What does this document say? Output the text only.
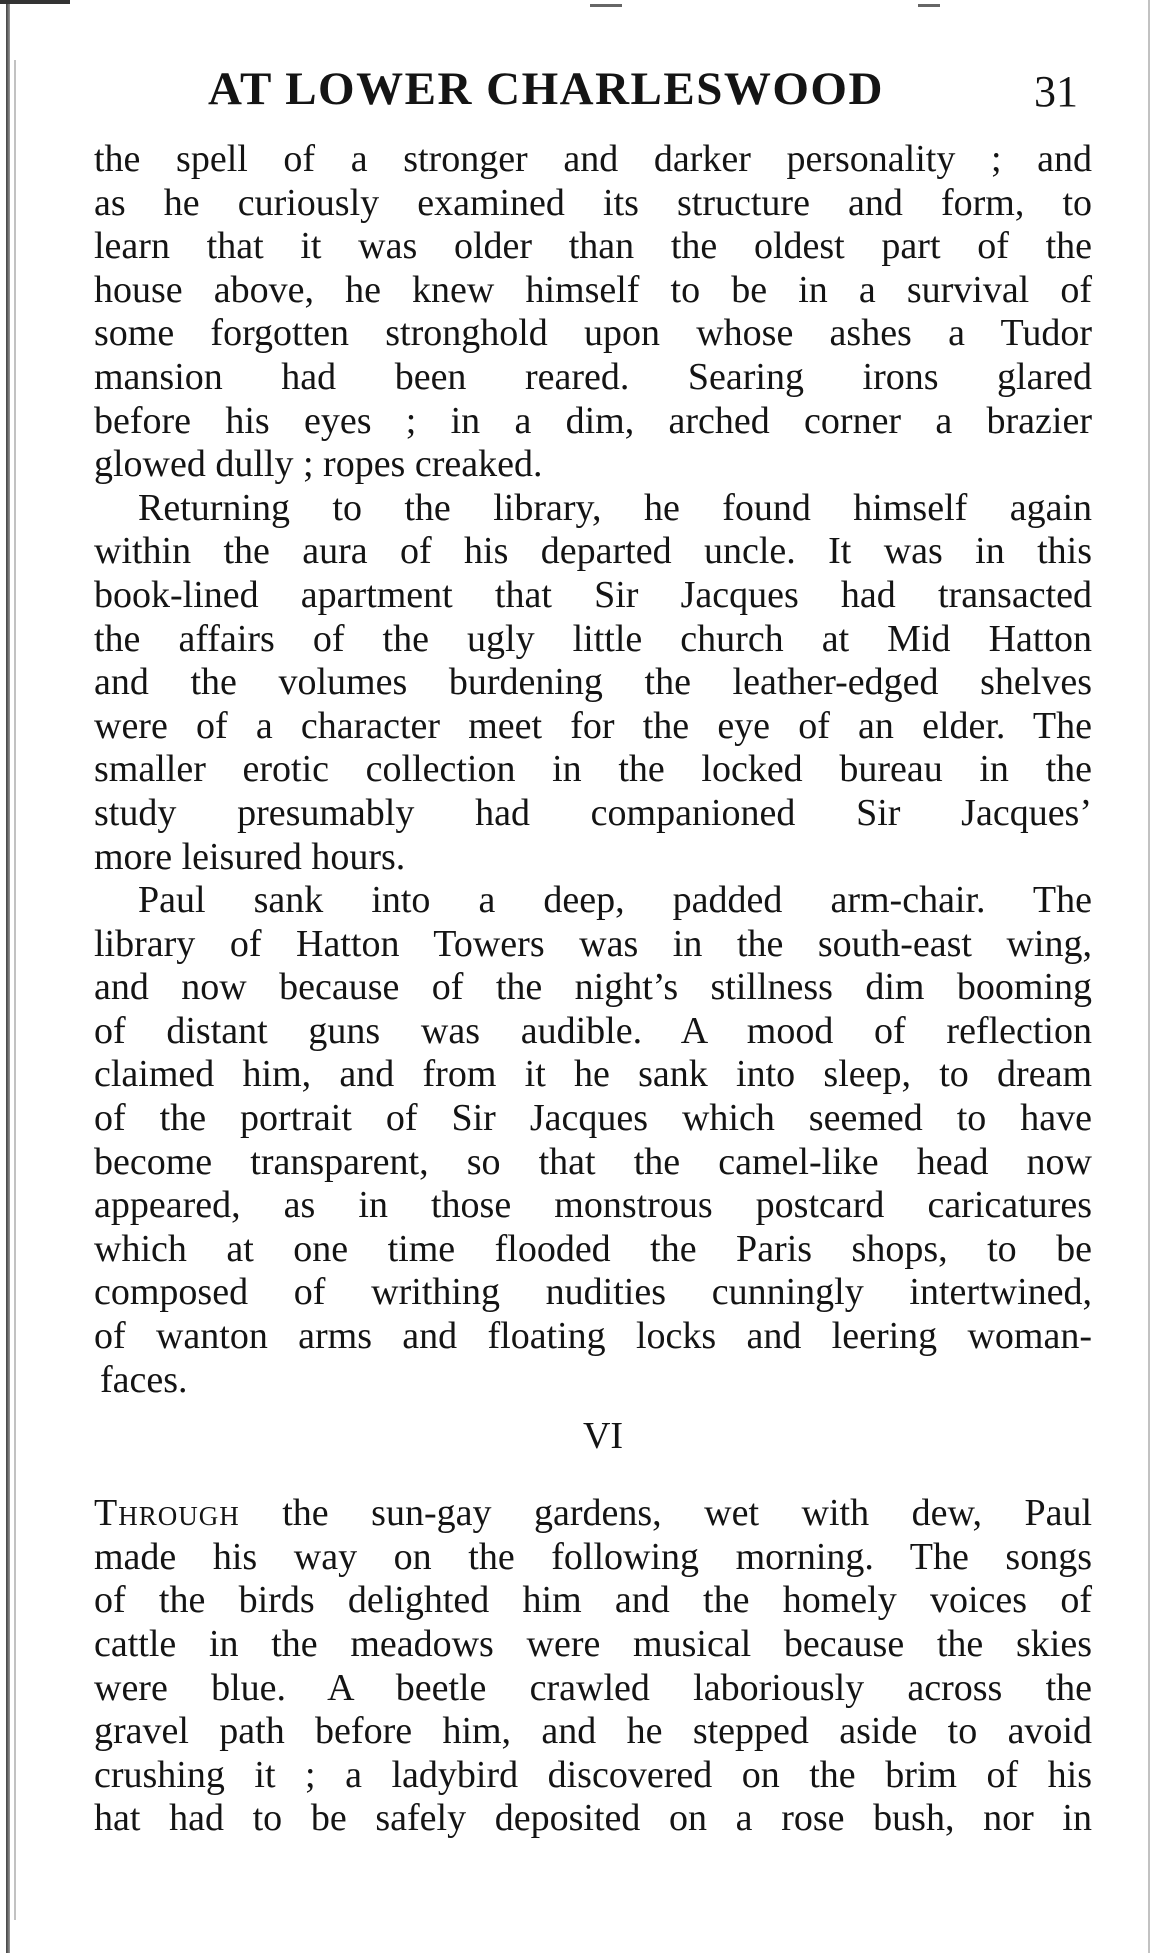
AT LOWER CHARLESWOOD	31
the spell of a stronger and darker personality ; and
as he curiously examined its structure and form, to
learn that it was older than the oldest part of the
house above, he knew himself to be in a survival of
some forgotten stronghold upon whose ashes a Tudor
mansion had been reared. Searing irons glared
before his eyes ; in a dim, arched corner a brazier
glowed dully ; ropes creaked.
Returning to the library, he found himself again
within the aura of his departed uncle. It was in this
book-lined apartment that Sir Jacques had transacted
the affairs of the ugly little church at Mid Hatton
and the volumes burdening the leather-edged shelves
were of a character meet for the eye of an elder. The
smaller erotic collection in the locked bureau in the
study presumably had companioned Sir Jacques’
more leisured hours.
Paul sank into a deep, padded arm-chair. The
library of Hatton Towers was in the south-east wing,
and now because of the night’s stillness dim booming
of distant guns was audible. A mood of reflection
claimed him, and from it he sank into sleep, to dream
of the portrait of Sir Jacques which seemed to have
become transparent, so that the camel-like head now
appeared, as in those monstrous postcard caricatures
which at one time flooded the Paris shops, to be
composed of writhing nudities cunningly intertwined,
of wanton arms and floating locks and leering woman-
faces.
VI
Through the sun-gay gardens, wet with dew, Paul
made his way on the following morning. The songs
of the birds delighted him and the homely voices of
cattle in the meadows were musical because the skies
were blue. A beetle crawled laboriously across the
gravel path before him, and he stepped aside to avoid
crushing it ; a ladybird discovered on the brim of his
hat had to be safely deposited on a rose bush, nor in
